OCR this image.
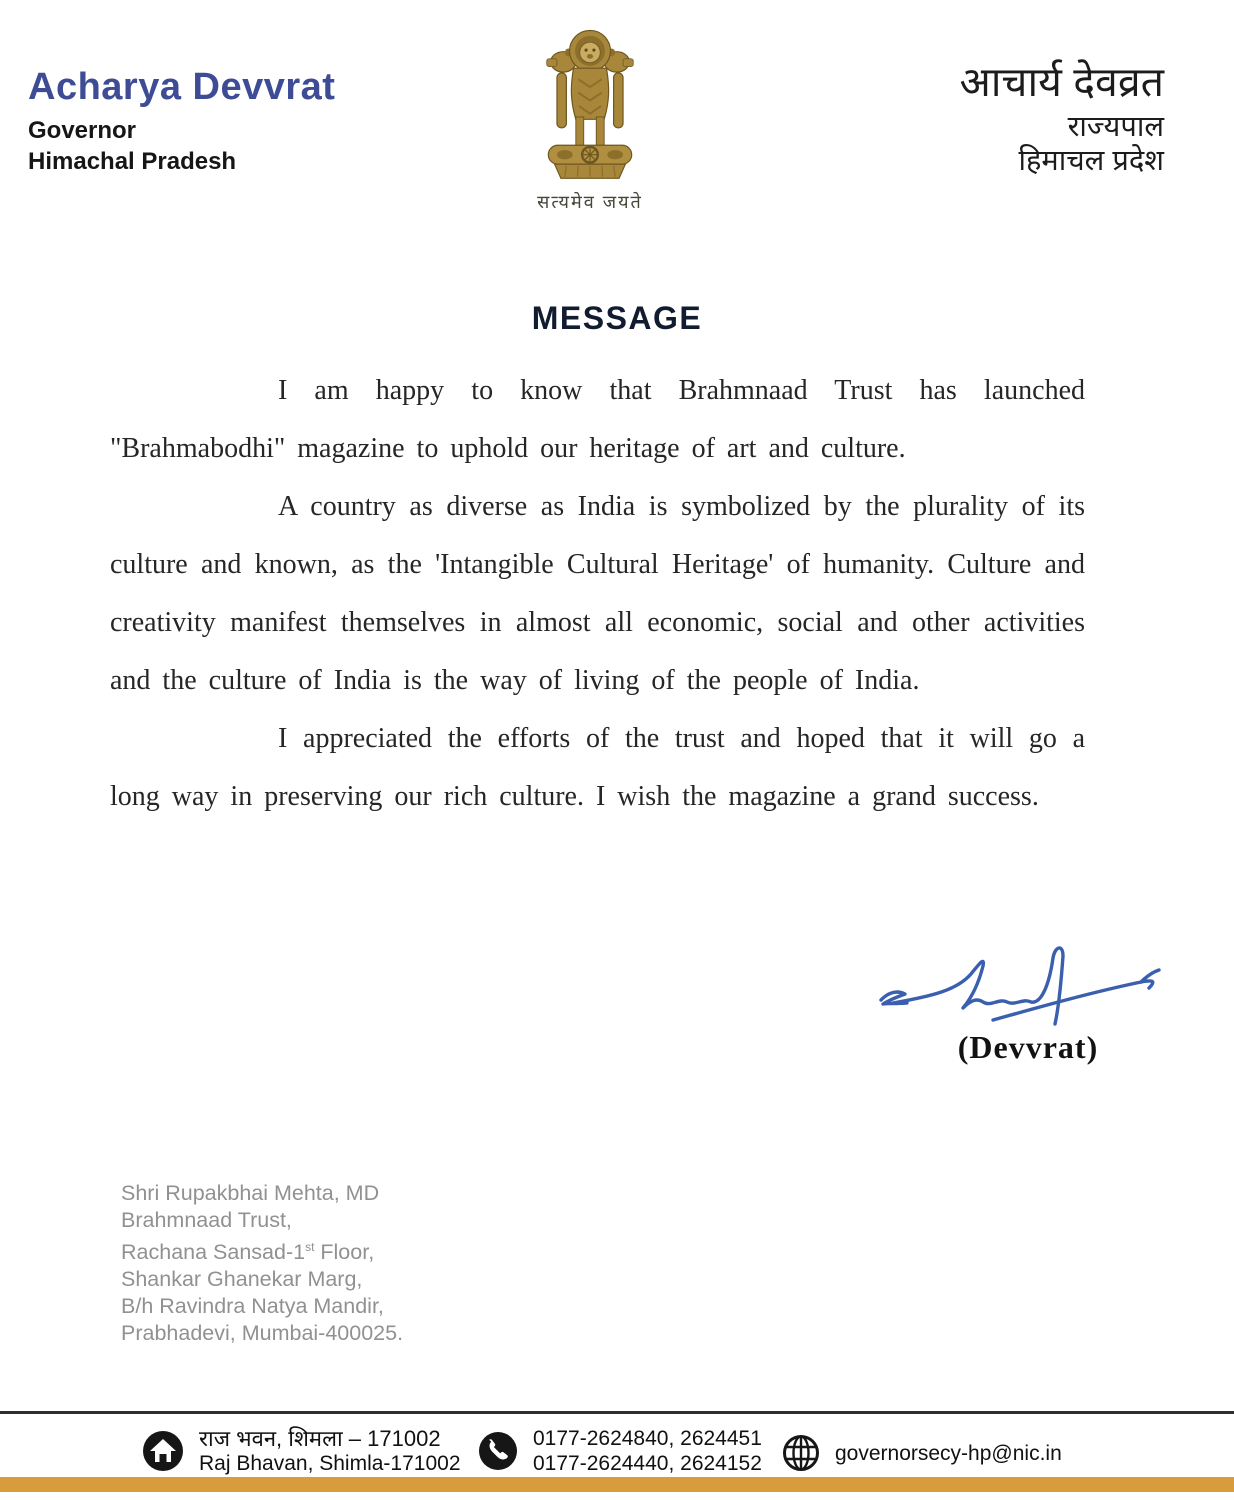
Acharya Devvrat
Governor
Himachal Pradesh
सत्यमेव जयते
आचार्य देवव्रत
राज्यपाल
हिमाचल प्रदेश
MESSAGE

I am happy to know that Brahmnaad Trust has launched "Brahmabodhi" magazine to uphold our heritage of art and culture.

A country as diverse as India is symbolized by the plurality of its culture and known, as the 'Intangible Cultural Heritage' of humanity. Culture and creativity manifest themselves in almost all economic, social and other activities and the culture of India is the way of living of the people of India.

I appreciated the efforts of the trust and hoped that it will go a long way in preserving our rich culture. I wish the magazine a grand success.

(Devvrat)
Shri Rupakbhai Mehta, MD
Brahmnaad Trust,
Rachana Sansad-1st Floor,
Shankar Ghanekar Marg,
B/h Ravindra Natya Mandir,
Prabhadevi, Mumbai-400025.
राज भवन, शिमला – 171002
Raj Bhavan, Shimla-171002
0177-2624840, 2624451
0177-2624440, 2624152	governorsecy-hp@nic.in
